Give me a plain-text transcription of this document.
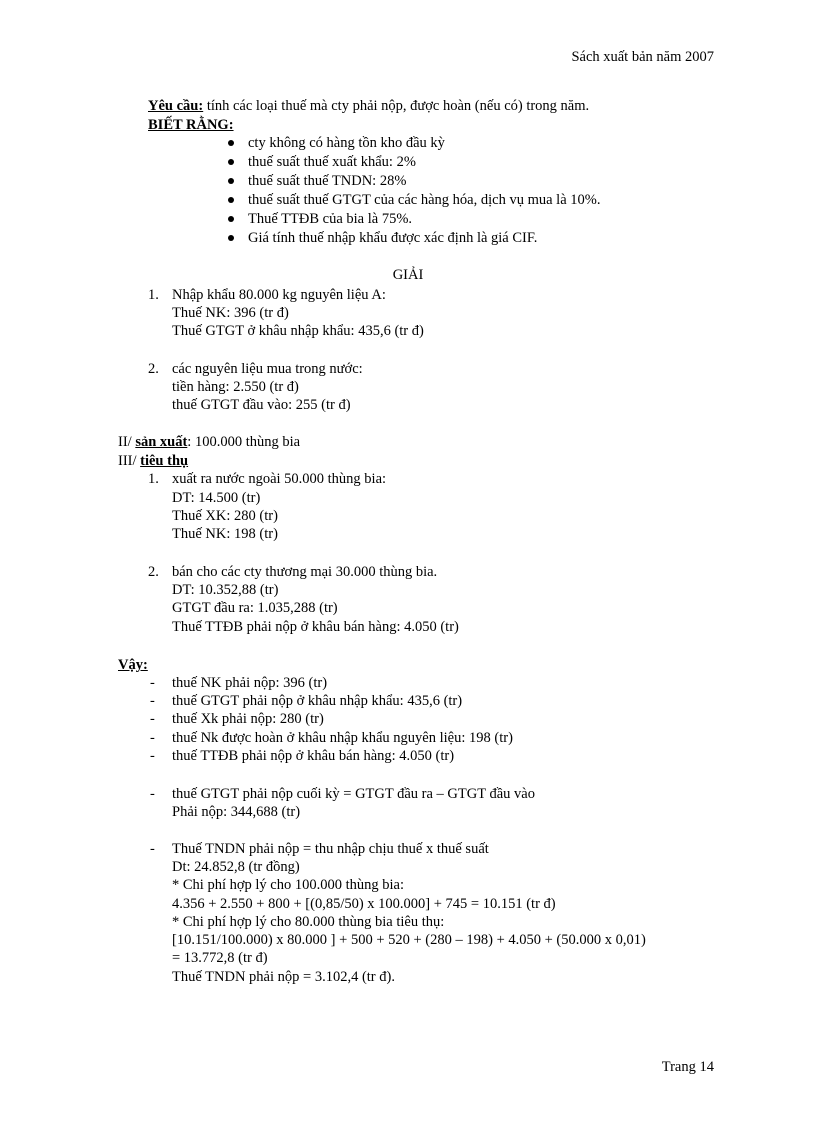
Sách xuất bản năm 2007
Yêu cầu: tính các loại thuế mà cty phải nộp, được hoàn (nếu có) trong năm.
BIẾT RẰNG:
cty không có hàng tồn kho đầu kỳ
thuế suất thuế xuất khẩu: 2%
thuế suất thuế TNDN: 28%
thuế suất thuế GTGT của các hàng hóa, dịch vụ mua là 10%.
Thuế TTĐB của bia là 75%.
Giá tính thuế nhập khẩu được xác định là giá CIF.
GIẢI
1. Nhập khẩu 80.000 kg nguyên liệu A:
Thuế NK: 396 (tr đ)
Thuế GTGT ở khâu nhập khẩu: 435,6 (tr đ)
2. các nguyên liệu mua trong nước:
tiền hàng: 2.550 (tr đ)
thuế GTGT đầu vào: 255 (tr đ)
II/ sản xuất: 100.000 thùng bia
III/ tiêu thụ
1. xuất ra nước ngoài 50.000 thùng bia:
DT: 14.500 (tr)
Thuế XK: 280 (tr)
Thuế NK: 198 (tr)
2. bán cho các cty thương mại 30.000 thùng bia.
DT: 10.352,88 (tr)
GTGT đầu ra: 1.035,288 (tr)
Thuế TTĐB phải nộp ở khâu bán hàng: 4.050 (tr)
Vậy:
- thuế NK phải nộp: 396 (tr)
- thuế GTGT phải nộp ở khâu nhập khẩu: 435,6 (tr)
- thuế Xk phải nộp: 280 (tr)
- thuế Nk được hoàn ở khâu nhập khẩu nguyên liệu: 198 (tr)
- thuế TTĐB phải nộp ở khâu bán hàng: 4.050 (tr)
- thuế GTGT phải nộp cuối kỳ = GTGT đầu ra – GTGT đầu vào
Phải nộp: 344,688 (tr)
- Thuế TNDN phải nộp = thu nhập chịu thuế x thuế suất
Dt: 24.852,8 (tr đồng)
* Chi phí hợp lý cho 100.000 thùng bia:
4.356 + 2.550 + 800 + [(0,85/50) x 100.000] + 745 = 10.151 (tr đ)
* Chi phí hợp lý cho 80.000 thùng bia tiêu thụ:
[10.151/100.000) x 80.000 ] + 500 + 520 + (280 – 198) + 4.050 + (50.000 x 0,01)
= 13.772,8 (tr đ)
Thuế TNDN phải nộp = 3.102,4 (tr đ).
Trang 14
